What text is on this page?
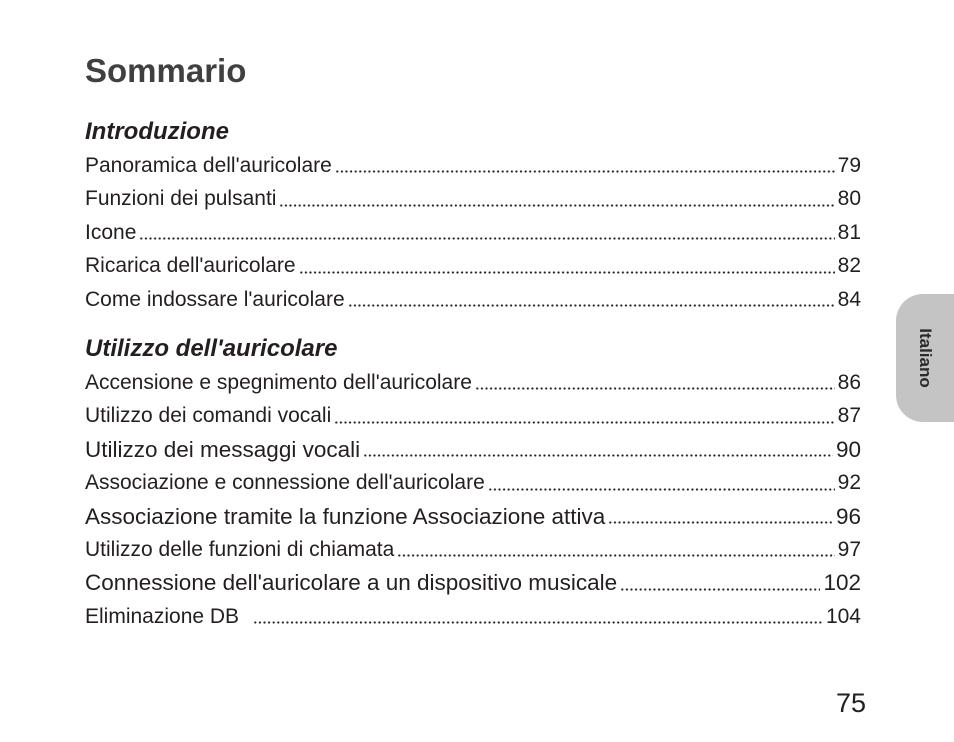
Sommario
Introduzione
Panoramica dell'auricolare	79
Funzioni dei pulsanti	80
Icone	81
Ricarica dell'auricolare	82
Come indossare l'auricolare	84
Utilizzo dell'auricolare
Accensione e spegnimento dell'auricolare	86
Utilizzo dei comandi vocali	87
Utilizzo dei messaggi vocali	90
Associazione e connessione dell'auricolare	92
Associazione tramite la funzione Associazione attiva	96
Utilizzo delle funzioni di chiamata	97
Connessione dell'auricolare a un dispositivo musicale	102
Eliminazione DB	104
Italiano
75
